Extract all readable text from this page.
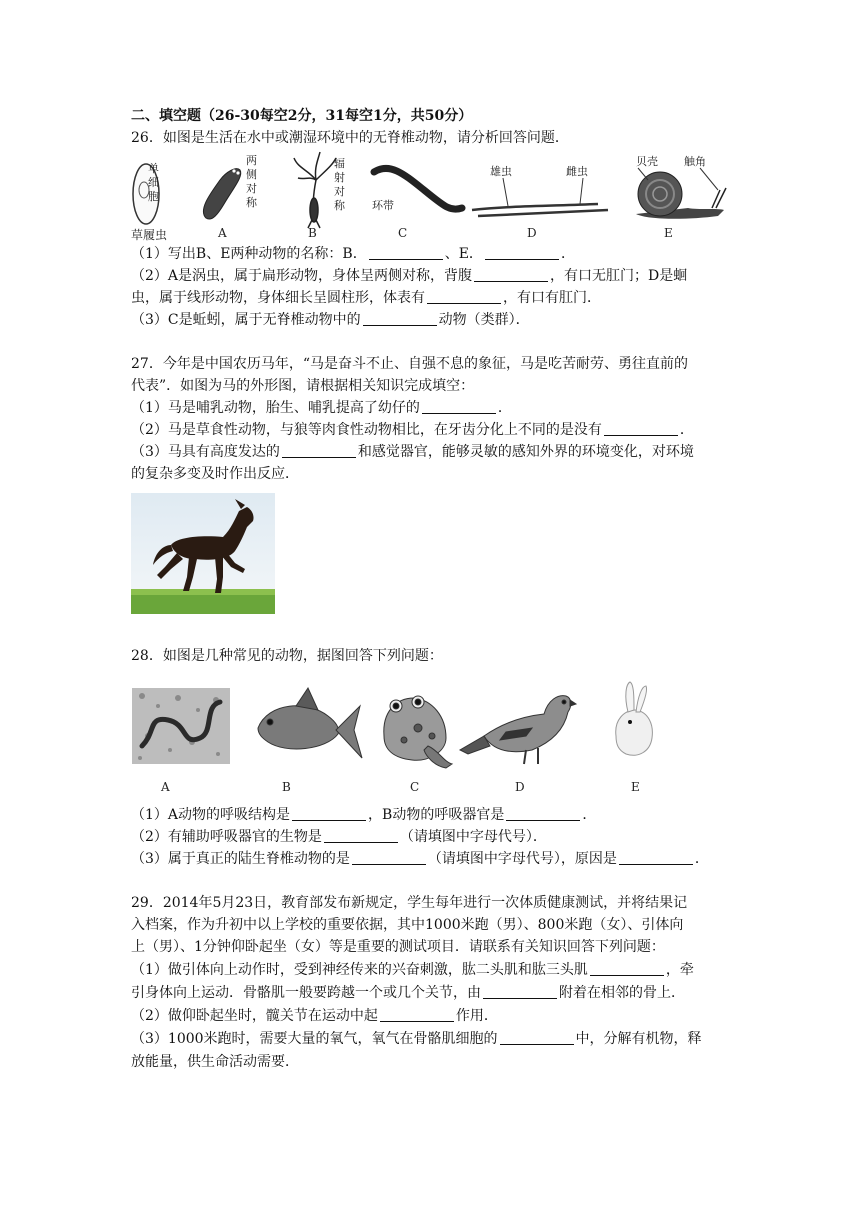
二、填空题（26-30每空2分，31每空1分，共50分）
26．如图是生活在水中或潮湿环境中的无脊椎动物，请分析回答问题．
单
细
胞
两
侧
对
称
辐
射
对
称 环带
雄虫	雌虫
贝壳 触角
草履虫	A	B	C	D	E
（1）写出B、E两种动物的名称：B．	、E．	．
（2）A是涡虫，属于扁形动物，身体呈两侧对称，背腹	，有口无肛门；D是蛔
虫，属于线形动物，身体细长呈圆柱形，体表有	，有口有肛门．
（3）C是蚯蚓，属于无脊椎动物中的	动物（类群）．
27．今年是中国农历马年，“马是奋斗不止、自强不息的象征，马是吃苦耐劳、勇往直前的
代表”．如图为马的外形图，请根据相关知识完成填空：
（1）马是哺乳动物，胎生、哺乳提高了幼仔的	．
（2）马是草食性动物，与狼等肉食性动物相比，在牙齿分化上不同的是没有	．
（3）马具有高度发达的	和感觉器官，能够灵敏的感知外界的环境变化，对环境
的复杂多变及时作出反应．
28．如图是几种常见的动物，据图回答下列问题：
A	B	C	D	E
（1）A动物的呼吸结构是	，B动物的呼吸器官是	．
（2）有辅助呼吸器官的生物是	（请填图中字母代号）．
（3）属于真正的陆生脊椎动物的是	（请填图中字母代号），原因是	．
29．2014年5月23日，教育部发布新规定，学生每年进行一次体质健康测试，并将结果记
入档案，作为升初中以上学校的重要依据，其中1000米跑（男）、800米跑（女）、引体向
上（男）、1分钟仰卧起坐（女）等是重要的测试项目．请联系有关知识回答下列问题：
（1）做引体向上动作时，受到神经传来的兴奋刺激，肱二头肌和肱三头肌	，牵
引身体向上运动．骨骼肌一般要跨越一个或几个关节，由	附着在相邻的骨上．
（2）做仰卧起坐时，髋关节在运动中起	作用．
（3）1000米跑时，需要大量的氧气，氧气在骨骼肌细胞的	中，分解有机物，释
放能量，供生命活动需要．
